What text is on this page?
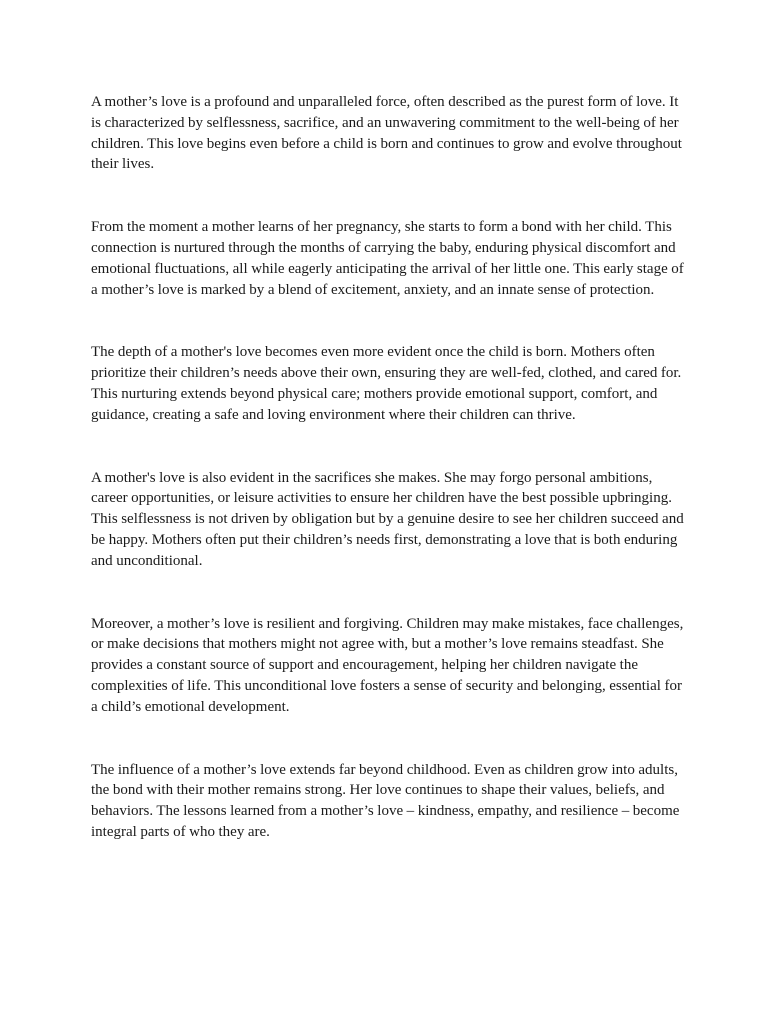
A mother’s love is a profound and unparalleled force, often described as the purest form of love. It is characterized by selflessness, sacrifice, and an unwavering commitment to the well-being of her children. This love begins even before a child is born and continues to grow and evolve throughout their lives.

From the moment a mother learns of her pregnancy, she starts to form a bond with her child. This connection is nurtured through the months of carrying the baby, enduring physical discomfort and emotional fluctuations, all while eagerly anticipating the arrival of her little one. This early stage of a mother’s love is marked by a blend of excitement, anxiety, and an innate sense of protection.

The depth of a mother's love becomes even more evident once the child is born. Mothers often prioritize their children’s needs above their own, ensuring they are well-fed, clothed, and cared for. This nurturing extends beyond physical care; mothers provide emotional support, comfort, and guidance, creating a safe and loving environment where their children can thrive.

A mother's love is also evident in the sacrifices she makes. She may forgo personal ambitions, career opportunities, or leisure activities to ensure her children have the best possible upbringing. This selflessness is not driven by obligation but by a genuine desire to see her children succeed and be happy. Mothers often put their children’s needs first, demonstrating a love that is both enduring and unconditional.

Moreover, a mother’s love is resilient and forgiving. Children may make mistakes, face challenges, or make decisions that mothers might not agree with, but a mother’s love remains steadfast. She provides a constant source of support and encouragement, helping her children navigate the complexities of life. This unconditional love fosters a sense of security and belonging, essential for a child’s emotional development.

The influence of a mother’s love extends far beyond childhood. Even as children grow into adults, the bond with their mother remains strong. Her love continues to shape their values, beliefs, and behaviors. The lessons learned from a mother’s love – kindness, empathy, and resilience – become integral parts of who they are.
